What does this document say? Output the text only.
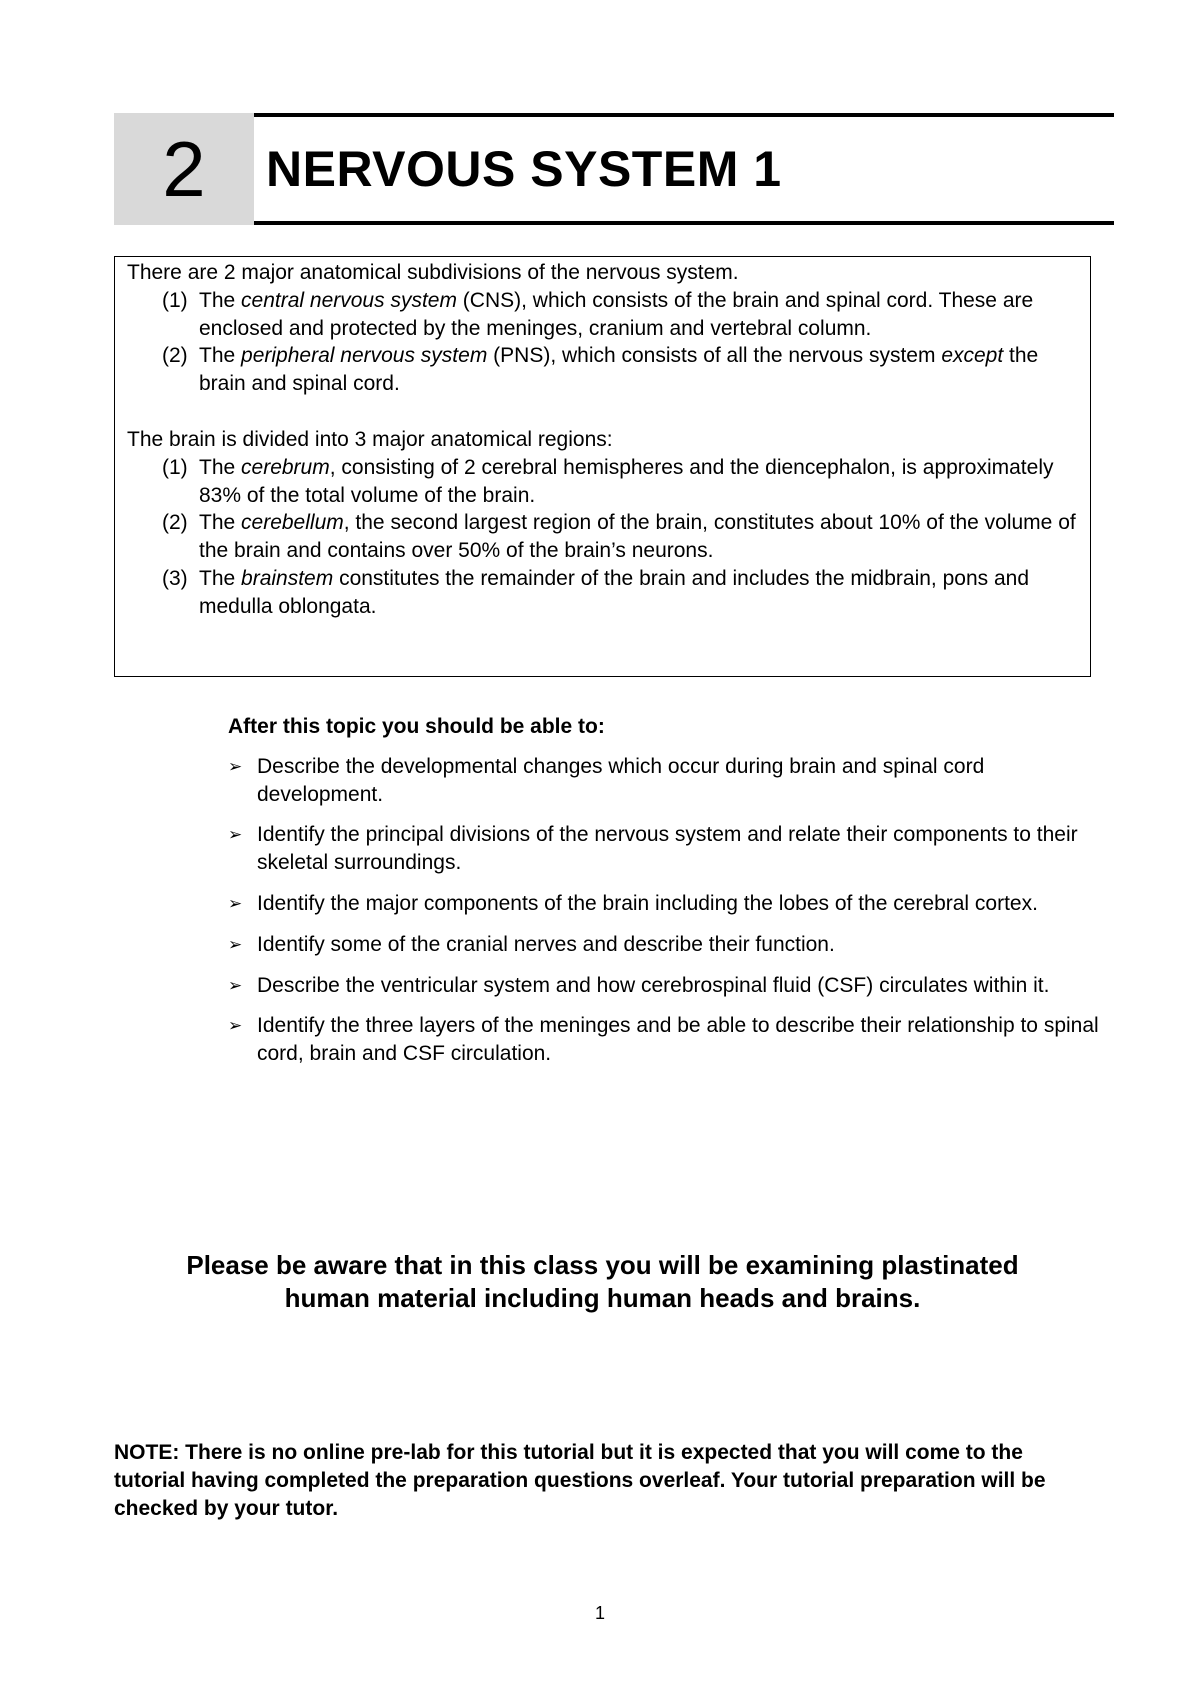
2	NERVOUS SYSTEM 1

There are 2 major anatomical subdivisions of the nervous system.

(1) The central nervous system (CNS), which consists of the brain and spinal cord. These are enclosed and protected by the meninges, cranium and vertebral column.
(2) The peripheral nervous system (PNS), which consists of all the nervous system except the brain and spinal cord.

The brain is divided into 3 major anatomical regions:

(1) The cerebrum, consisting of 2 cerebral hemispheres and the diencephalon, is approximately 83% of the total volume of the brain.
(2) The cerebellum, the second largest region of the brain, constitutes about 10% of the volume of the brain and contains over 50% of the brain’s neurons.
(3) The brainstem constitutes the remainder of the brain and includes the midbrain, pons and medulla oblongata.
After this topic you should be able to:
➢ Describe the developmental changes which occur during brain and spinal cord development.
➢ Identify the principal divisions of the nervous system and relate their components to their skeletal surroundings.
➢ Identify the major components of the brain including the lobes of the cerebral cortex.
➢ Identify some of the cranial nerves and describe their function.
➢ Describe the ventricular system and how cerebrospinal fluid (CSF) circulates within it.
➢ Identify the three layers of the meninges and be able to describe their relationship to spinal cord, brain and CSF circulation.
Please be aware that in this class you will be examining plastinated
human material including human heads and brains.
NOTE: There is no online pre-lab for this tutorial but it is expected that you will come to the tutorial having completed the preparation questions overleaf. Your tutorial preparation will be checked by your tutor.
1
